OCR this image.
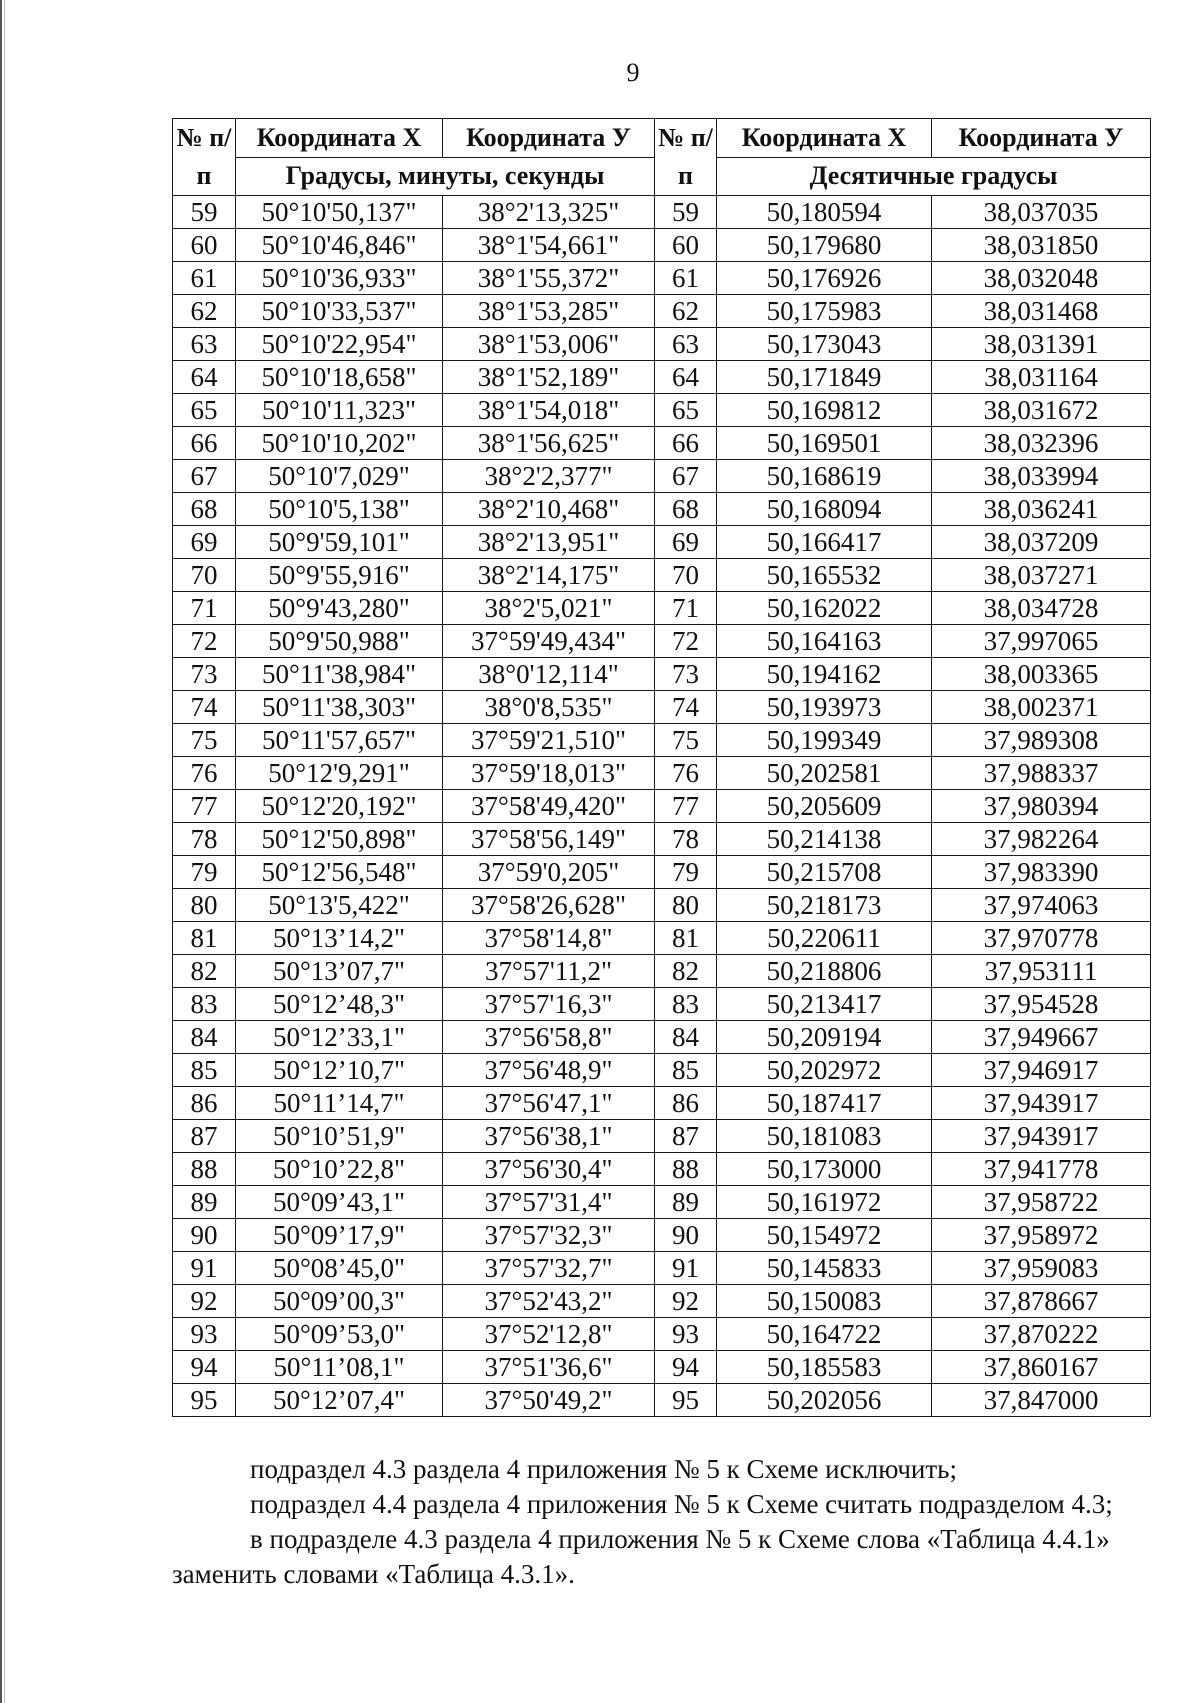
9
№ п/п	Координата X	Координата У	№ п/п	Координата X	Координата У
	Градусы, минуты, секунды			Десятичные градусы	
59	50°10'50,137"	38°2'13,325"	59	50,180594	38,037035
60	50°10'46,846"	38°1'54,661"	60	50,179680	38,031850
61	50°10'36,933"	38°1'55,372"	61	50,176926	38,032048
62	50°10'33,537"	38°1'53,285"	62	50,175983	38,031468
63	50°10'22,954"	38°1'53,006"	63	50,173043	38,031391
64	50°10'18,658"	38°1'52,189"	64	50,171849	38,031164
65	50°10'11,323"	38°1'54,018"	65	50,169812	38,031672
66	50°10'10,202"	38°1'56,625"	66	50,169501	38,032396
67	50°10'7,029"	38°2'2,377"	67	50,168619	38,033994
68	50°10'5,138"	38°2'10,468"	68	50,168094	38,036241
69	50°9'59,101"	38°2'13,951"	69	50,166417	38,037209
70	50°9'55,916"	38°2'14,175"	70	50,165532	38,037271
71	50°9'43,280"	38°2'5,021"	71	50,162022	38,034728
72	50°9'50,988"	37°59'49,434"	72	50,164163	37,997065
73	50°11'38,984"	38°0'12,114"	73	50,194162	38,003365
74	50°11'38,303"	38°0'8,535"	74	50,193973	38,002371
75	50°11'57,657"	37°59'21,510"	75	50,199349	37,989308
76	50°12'9,291"	37°59'18,013"	76	50,202581	37,988337
77	50°12'20,192"	37°58'49,420"	77	50,205609	37,980394
78	50°12'50,898"	37°58'56,149"	78	50,214138	37,982264
79	50°12'56,548"	37°59'0,205"	79	50,215708	37,983390
80	50°13'5,422"	37°58'26,628"	80	50,218173	37,974063
81	50°13’14,2"	37°58'14,8"	81	50,220611	37,970778
82	50°13’07,7"	37°57'11,2"	82	50,218806	37,953111
83	50°12’48,3"	37°57'16,3"	83	50,213417	37,954528
84	50°12’33,1"	37°56'58,8"	84	50,209194	37,949667
85	50°12’10,7"	37°56'48,9"	85	50,202972	37,946917
86	50°11’14,7"	37°56'47,1"	86	50,187417	37,943917
87	50°10’51,9"	37°56'38,1"	87	50,181083	37,943917
88	50°10’22,8"	37°56'30,4"	88	50,173000	37,941778
89	50°09’43,1"	37°57'31,4"	89	50,161972	37,958722
90	50°09’17,9"	37°57'32,3"	90	50,154972	37,958972
91	50°08’45,0"	37°57'32,7"	91	50,145833	37,959083
92	50°09’00,3"	37°52'43,2"	92	50,150083	37,878667
93	50°09’53,0"	37°52'12,8"	93	50,164722	37,870222
94	50°11’08,1"	37°51'36,6"	94	50,185583	37,860167
95	50°12’07,4"	37°50'49,2"	95	50,202056	37,847000

подраздел 4.3 раздела 4 приложения № 5 к Схеме исключить;

подраздел 4.4 раздела 4 приложения № 5 к Схеме считать подразделом 4.3;

в подразделе 4.3 раздела 4 приложения № 5 к Схеме слова «Таблица 4.4.1» заменить словами «Таблица 4.3.1».
